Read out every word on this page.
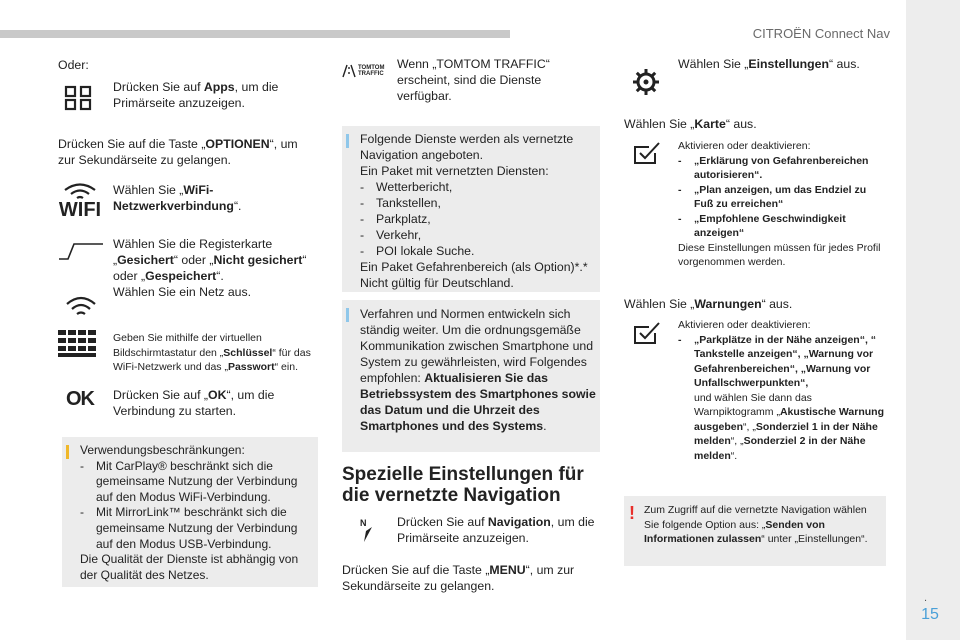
CITROËN Connect Nav
.
15
Oder:
Drücken Sie auf Apps, um die Primärseite anzuzeigen.
Drücken Sie auf die Taste „OPTIONEN“, um zur Sekundärseite zu gelangen.
WIFI
Wählen Sie „WiFi-Netzwerkverbindung“.
Wählen Sie die Registerkarte „Gesichert“ oder „Nicht gesichert“ oder „Gespeichert“.
Wählen Sie ein Netz aus.
Geben Sie mithilfe der virtuellen Bildschirmtastatur den „Schlüssel“ für das WiFi-Netzwerk und das „Passwort“ ein.
OK	Drücken Sie auf „OK“, um die Verbindung zu starten.
Verwendungsbeschränkungen:
- Mit CarPlay® beschränkt sich die gemeinsame Nutzung der Verbindung auf den Modus WiFi-Verbindung.
- Mit MirrorLink™ beschränkt sich die gemeinsame Nutzung der Verbindung auf den Modus USB-Verbindung.
Die Qualität der Dienste ist abhängig von der Qualität des Netzes.
TOMTOM TRAFFIC
Wenn „TOMTOM TRAFFIC“ erscheint, sind die Dienste verfügbar.
Folgende Dienste werden als vernetzte Navigation angeboten.
Ein Paket mit vernetzten Diensten:
- Wetterbericht,
- Tankstellen,
- Parkplatz,
- Verkehr,
- POI lokale Suche.
Ein Paket Gefahrenbereich (als Option)*.*
Nicht gültig für Deutschland.
Verfahren und Normen entwickeln sich ständig weiter. Um die ordnungsgemäße Kommunikation zwischen Smartphone und System zu gewährleisten, wird Folgendes empfohlen: Aktualisieren Sie das Betriebssystem des Smartphones sowie das Datum und die Uhrzeit des Smartphones und des Systems.
Spezielle Einstellungen für die vernetzte Navigation
N Drücken Sie auf Navigation, um die Primärseite anzuzeigen.
Drücken Sie auf die Taste „MENU“, um zur Sekundärseite zu gelangen.
Wählen Sie „Einstellungen“ aus.
Wählen Sie „Karte“ aus.
Aktivieren oder deaktivieren:
- „Erklärung von Gefahrenbereichen autorisieren“.
- „Plan anzeigen, um das Endziel zu Fuß zu erreichen“
- „Empfohlene Geschwindigkeit anzeigen“
Diese Einstellungen müssen für jedes Profil vorgenommen werden.
Wählen Sie „Warnungen“ aus.
Aktivieren oder deaktivieren:
- „Parkplätze in der Nähe anzeigen“, “ Tankstelle anzeigen“, „Warnung vor Gefahrenbereichen“, „Warnung vor Unfallschwerpunkten“,
und wählen Sie dann das Warnpiktogramm „Akustische Warnung ausgeben“, „Sonderziel 1 in der Nähe melden“, „Sonderziel 2 in der Nähe melden“.
! Zum Zugriff auf die vernetzte Navigation wählen Sie folgende Option aus: „Senden von Informationen zulassen“ unter „Einstellungen“.
